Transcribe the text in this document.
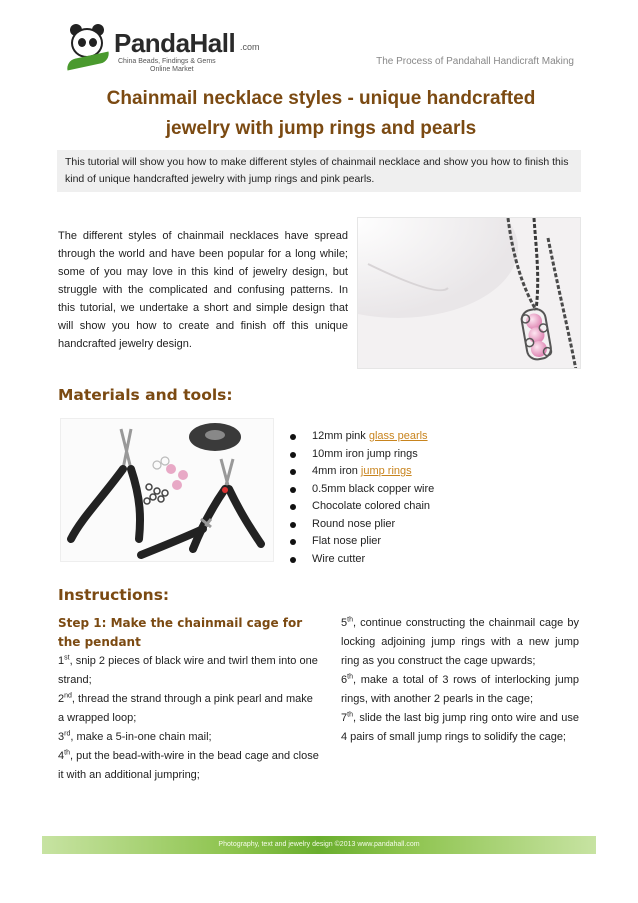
PandaHall .com
China Beads, Findings & Gems
Online Market
The Process of Pandahall Handicraft Making
Chainmail necklace styles - unique handcrafted
jewelry with jump rings and pearls
This tutorial will show you how to make different styles of chainmail necklace and show you how to finish this kind of unique handcrafted jewelry with jump rings and pink pearls.
The different styles of chainmail necklaces have spread through the world and have been popular for a long while; some of you may love in this kind of jewelry design, but struggle with the complicated and confusing patterns. In this tutorial, we undertake a short and simple design that will show you how to create and finish off this unique handcrafted jewelry design.
Materials and tools:
12mm pink glass pearls
10mm iron jump rings
4mm iron jump rings
0.5mm black copper wire
Chocolate colored chain
Round nose plier
Flat nose plier
Wire cutter
Instructions:
Step 1: Make the chainmail cage for the pendant
1st, snip 2 pieces of black wire and twirl them into one strand;
2nd, thread the strand through a pink pearl and make a wrapped loop;
3rd, make a 5-in-one chain mail;
4th, put the bead-with-wire in the bead cage and close it with an additional jumpring;
5th, continue constructing the chainmail cage by locking adjoining jump rings with a new jump ring as you construct the cage upwards;
6th, make a total of 3 rows of interlocking jump rings, with another 2 pearls in the cage;
7th, slide the last big jump ring onto wire and use 4 pairs of small jump rings to solidify the cage;
Photography, text and jewelry design ©2013 www.pandahall.com
